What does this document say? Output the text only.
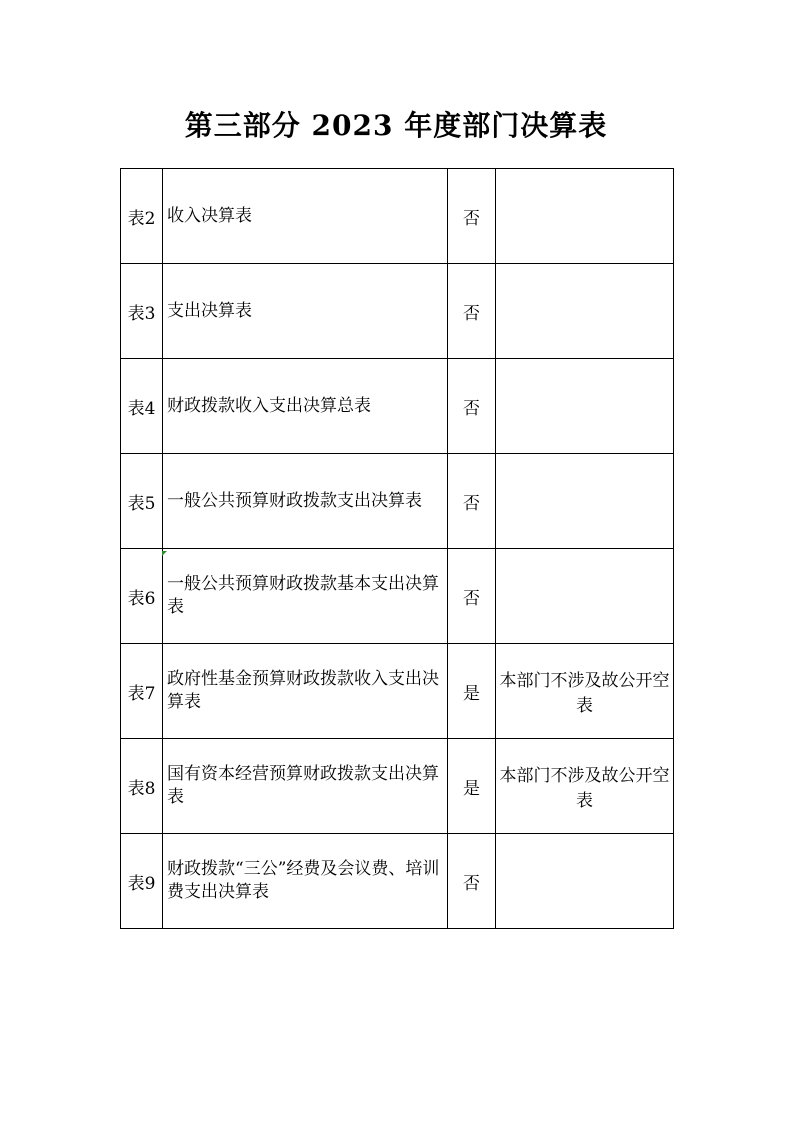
第三部分 2023 年度部门决算表
表2	收入决算表	否	
表3	支出决算表	否	
表4	财政拨款收入支出决算总表	否	
表5	一般公共预算财政拨款支出决算表	否	
表6	一般公共预算财政拨款基本支出决算表	否	
表7	政府性基金预算财政拨款收入支出决算表	是	本部门不涉及故公开空表
表8	国有资本经营预算财政拨款支出决算表	是	本部门不涉及故公开空表
表9	财政拨款“三公”经费及会议费、培训费支出决算表	否	
